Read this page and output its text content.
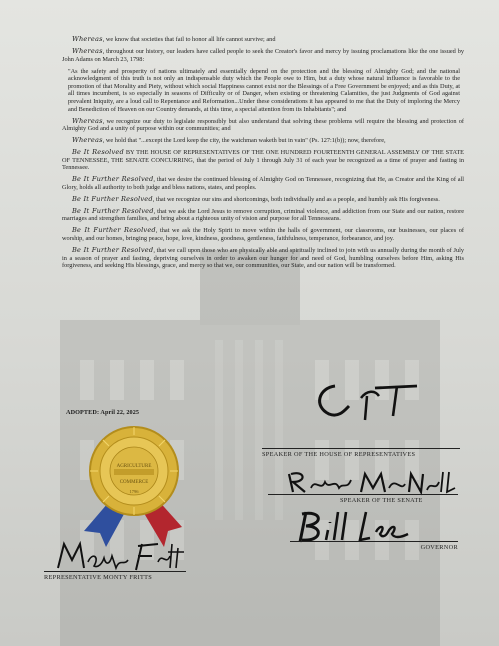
Whereas, we know that societies that fail to honor all life cannot survive; and

Whereas, throughout our history, our leaders have called people to seek the Creator's favor and mercy by issuing proclamations like the one issued by John Adams on March 23, 1798:

"As the safety and prosperity of nations ultimately and essentially depend on the protection and the blessing of Almighty God; and the national acknowledgment of this truth is not only an indispensable duty which the People owe to Him, but a duty whose natural influence is favorable to the promotion of that Morality and Piety, without which social Happiness cannot exist nor the Blessings of a Free Government be enjoyed; and as this Duty, at all times incumbent, is so especially in seasons of Difficulty or of Danger, when existing or threatening Calamities, the just Judgments of God against prevalent Iniquity, are a loud call to Repentance and Reformation...Under these considerations it has appeared to me that the Duty of imploring the Mercy and Benediction of Heaven on our Country demands, at this time, a special attention from its Inhabitants"; and

Whereas, we recognize our duty to legislate responsibly but also understand that solving these problems will require the blessing and protection of Almighty God and a unity of purpose within our communities; and

Whereas, we hold that "...except the Lord keep the city, the watchman waketh but in vain" (Ps. 127:1(b)); now, therefore,

Be It Resolved BY THE HOUSE OF REPRESENTATIVES OF THE ONE HUNDRED FOURTEENTH GENERAL ASSEMBLY OF THE STATE OF TENNESSEE, THE SENATE CONCURRING, that the period of July 1 through July 31 of each year be recognized as a time of prayer and fasting in Tennessee.

Be It Further Resolved, that we desire the continued blessing of Almighty God on Tennessee, recognizing that He, as Creator and the King of all Glory, holds all authority to both judge and bless nations, states, and peoples.

Be It Further Resolved, that we recognize our sins and shortcomings, both individually and as a people, and humbly ask His forgiveness.

Be It Further Resolved, that we ask the Lord Jesus to remove corruption, criminal violence, and addiction from our State and our nation, restore marriages and strengthen families, and bring about a righteous unity of vision and purpose for all Tennesseans.

Be It Further Resolved, that we ask the Holy Spirit to move within the halls of government, our classrooms, our businesses, our places of worship, and our homes, bringing peace, hope, love, kindness, goodness, gentleness, faithfulness, temperance, forbearance, and joy.

Be It Further Resolved, that we call upon those who are physically able and spiritually inclined to join with us annually during the month of July in a season of prayer and fasting, depriving ourselves in order to awaken our hunger for and need of God, humbling ourselves before Him, asking His forgiveness, and seeking His blessings, grace, and mercy so that we, our communities, our State, and our nation will be transformed.

ADOPTED: April 22, 2025
AGRICULTURE
COMMERCE
1796
SPEAKER OF THE HOUSE OF REPRESENTATIVES
SPEAKER OF THE SENATE
GOVERNOR
REPRESENTATIVE MONTY FRITTS
